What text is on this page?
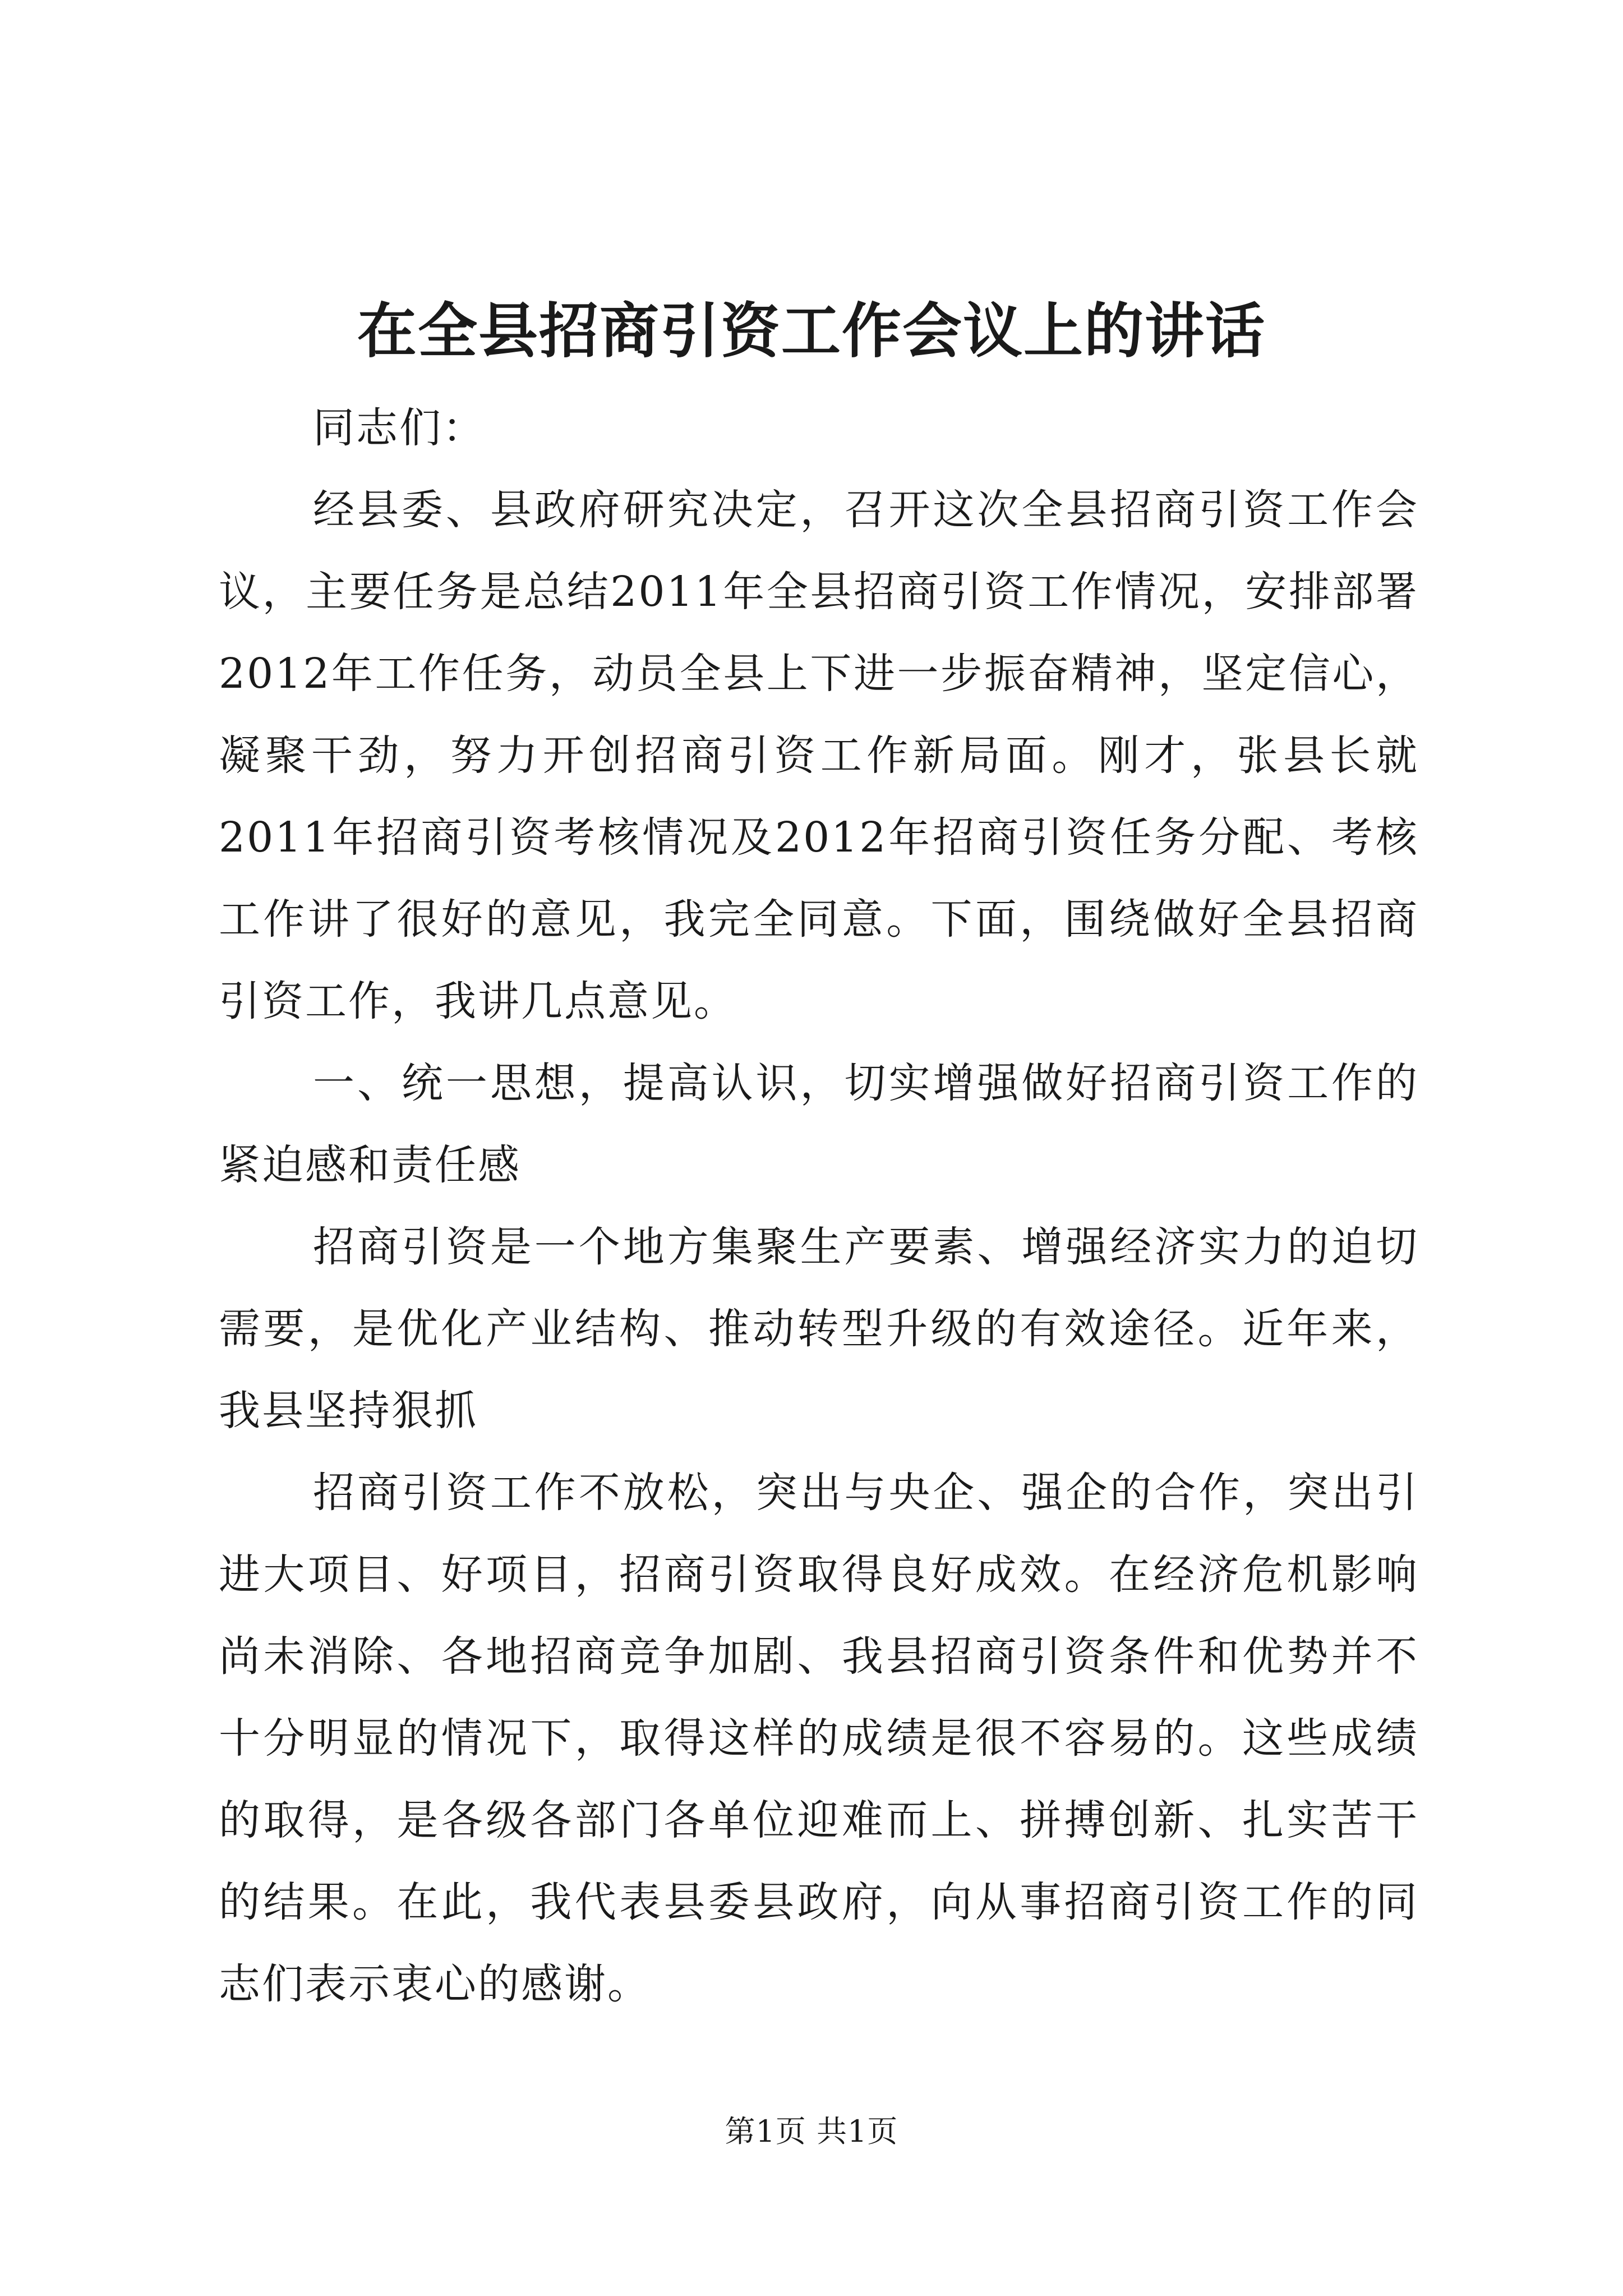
在全县招商引资工作会议上的讲话

同志们：

经县委、县政府研究决定，召开这次全县招商引资工作会议，主要任务是总结2011年全县招商引资工作情况，安排部署2012年工作任务，动员全县上下进一步振奋精神，坚定信心，凝聚干劲，努力开创招商引资工作新局面。刚才，张县长就2011年招商引资考核情况及2012年招商引资任务分配、考核工作讲了很好的意见，我完全同意。下面，围绕做好全县招商引资工作，我讲几点意见。

一、统一思想，提高认识，切实增强做好招商引资工作的紧迫感和责任感

招商引资是一个地方集聚生产要素、增强经济实力的迫切需要，是优化产业结构、推动转型升级的有效途径。近年来，我县坚持狠抓

招商引资工作不放松，突出与央企、强企的合作，突出引进大项目、好项目，招商引资取得良好成效。在经济危机影响尚未消除、各地招商竞争加剧、我县招商引资条件和优势并不十分明显的情况下，取得这样的成绩是很不容易的。这些成绩的取得，是各级各部门各单位迎难而上、拼搏创新、扎实苦干的结果。在此，我代表县委县政府，向从事招商引资工作的同志们表示衷心的感谢。

第1页 共1页
